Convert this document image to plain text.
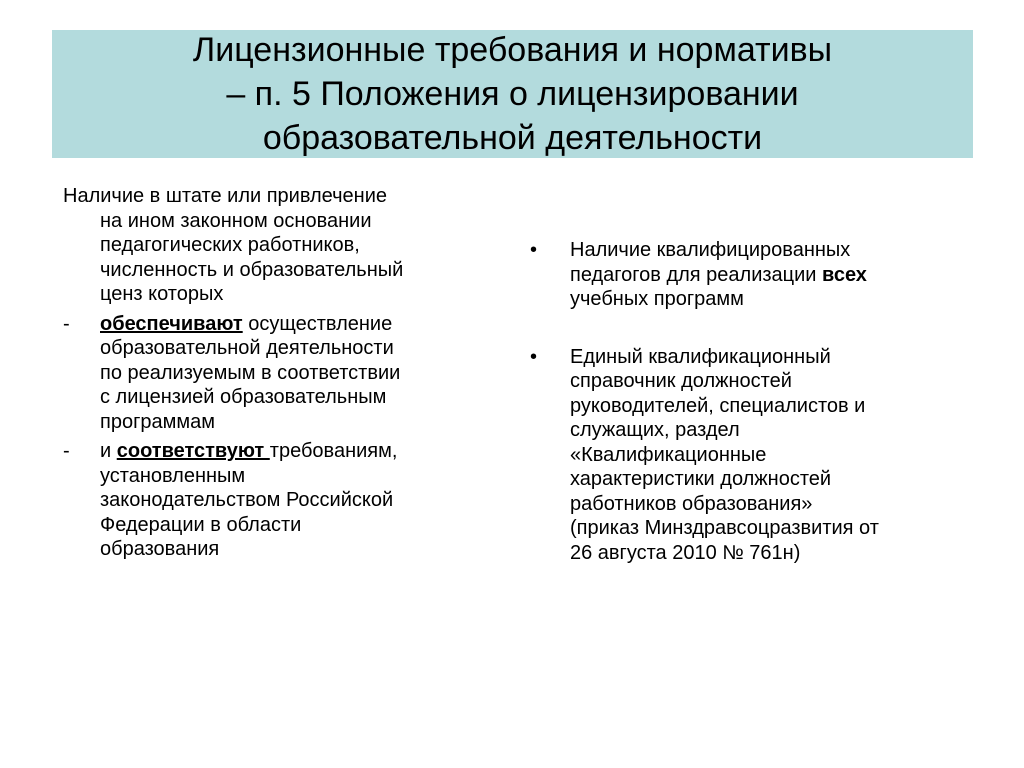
Лицензионные требования и нормативы
– п. 5 Положения о лицензировании
образовательной деятельности
Наличие в штате или привлечение
на ином законном основании
педагогических работников,
численность и образовательный
ценз которых
-	обеспечивают осуществление
образовательной деятельности
по реализуемым в соответствии
с лицензией образовательным
программам
-	и соответствуют требованиям,
установленным
законодательством Российской
Федерации в области
образования
•	Наличие квалифицированных
педагогов для реализации всех
учебных программ
•	Единый квалификационный
справочник должностей
руководителей, специалистов и
служащих, раздел
«Квалификационные
характеристики должностей
работников образования»
(приказ Минздравсоцразвития от
26 августа 2010 № 761н)
